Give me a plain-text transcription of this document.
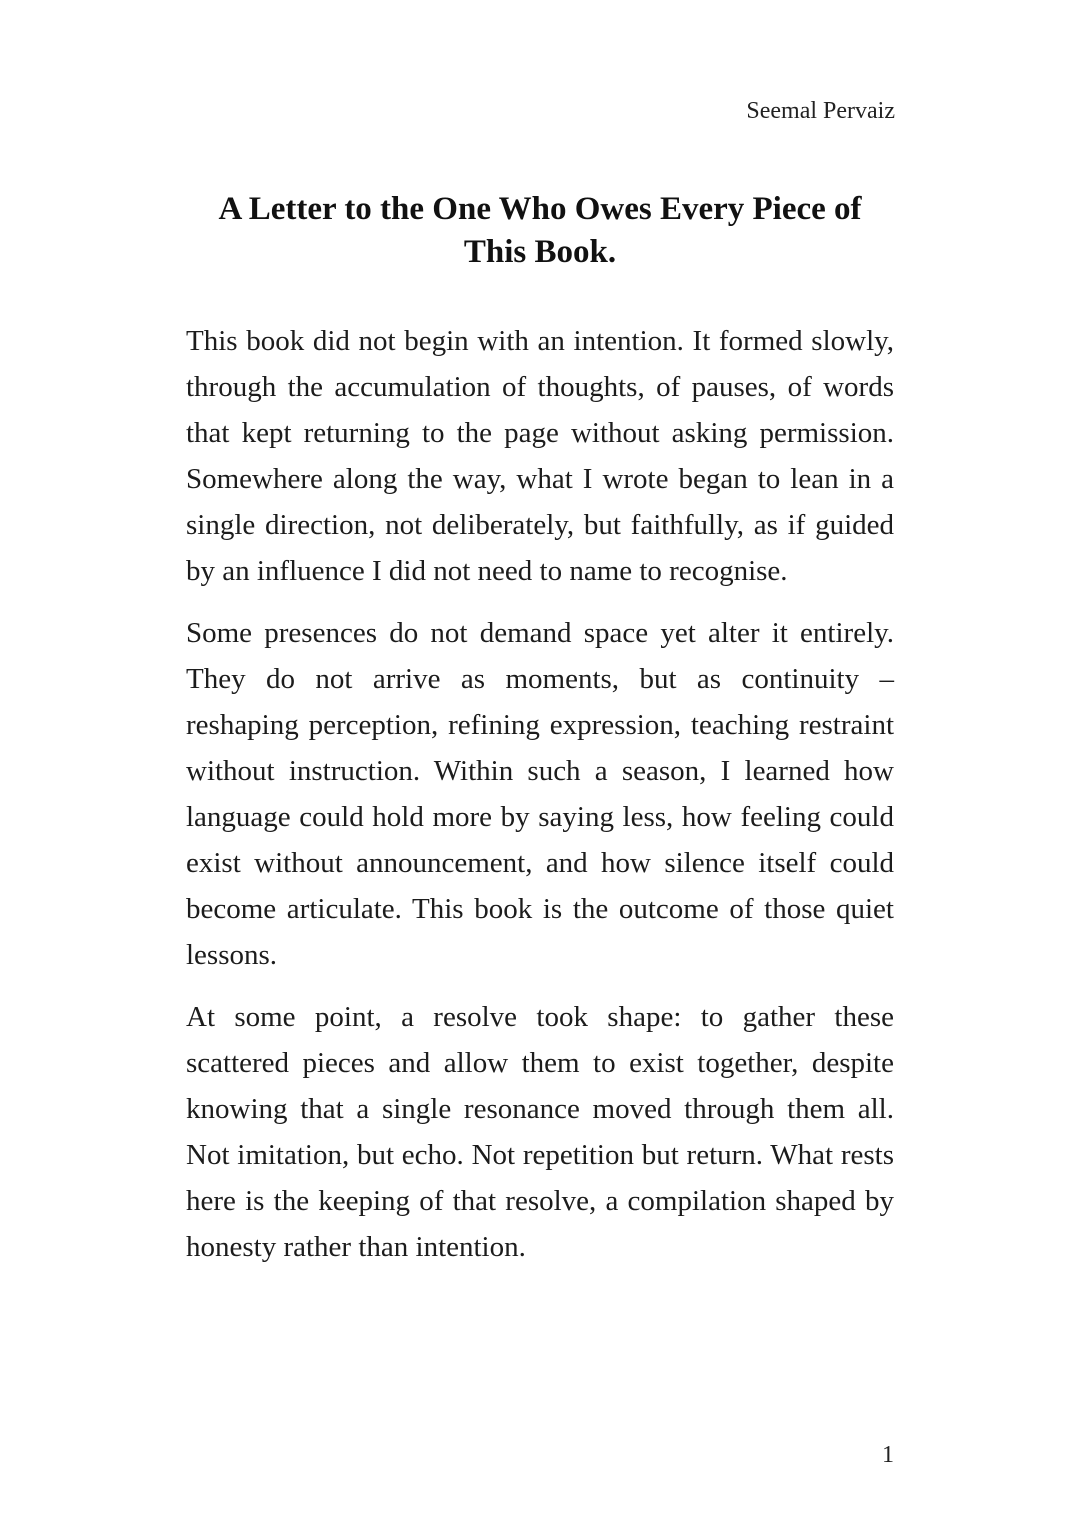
Seemal Pervaiz
A Letter to the One Who Owes Every Piece of This Book.

This book did not begin with an intention. It formed slowly, through the accumulation of thoughts, of pauses, of words that kept returning to the page without asking permission. Somewhere along the way, what I wrote began to lean in a single direction, not deliberately, but faithfully, as if guided by an influence I did not need to name to recognise.

Some presences do not demand space yet alter it entirely. They do not arrive as moments, but as continuity – reshaping perception, refining expression, teaching restraint without instruction. Within such a season, I learned how language could hold more by saying less, how feeling could exist without announcement, and how silence itself could become articulate. This book is the outcome of those quiet lessons.

At some point, a resolve took shape: to gather these scattered pieces and allow them to exist together, despite knowing that a single resonance moved through them all. Not imitation, but echo. Not repetition but return. What rests here is the keeping of that resolve, a compilation shaped by honesty rather than intention.

1
